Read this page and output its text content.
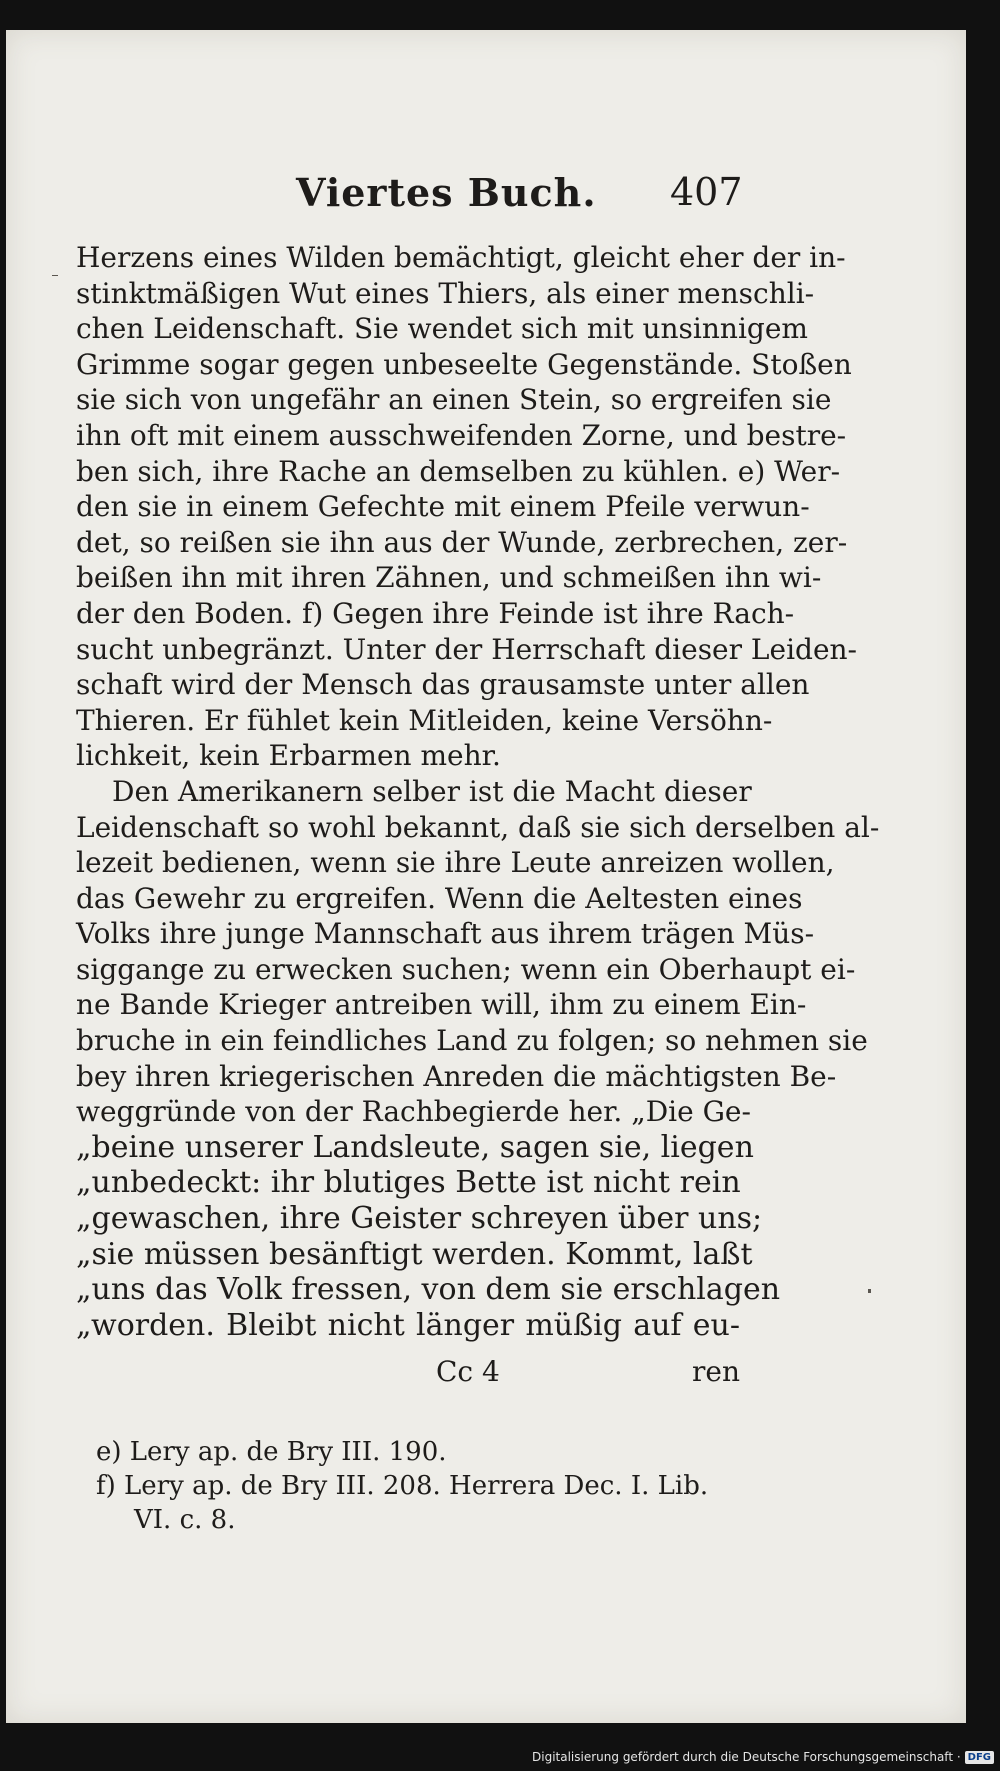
Viertes Buch. 407
Herzens eines Wilden bemächtigt, gleicht eher der in-
stinktmäßigen Wut eines Thiers, als einer menschli-
chen Leidenschaft. Sie wendet sich mit unsinnigem
Grimme sogar gegen unbeseelte Gegenstände. Stoßen
sie sich von ungefähr an einen Stein, so ergreifen sie
ihn oft mit einem ausschweifenden Zorne, und bestre-
ben sich, ihre Rache an demselben zu kühlen. e) Wer-
den sie in einem Gefechte mit einem Pfeile verwun-
det, so reißen sie ihn aus der Wunde, zerbrechen, zer-
beißen ihn mit ihren Zähnen, und schmeißen ihn wi-
der den Boden. f) Gegen ihre Feinde ist ihre Rach-
sucht unbegränzt. Unter der Herrschaft dieser Leiden-
schaft wird der Mensch das grausamste unter allen
Thieren. Er fühlet kein Mitleiden, keine Versöhn-
lichkeit, kein Erbarmen mehr.
Den Amerikanern selber ist die Macht dieser
Leidenschaft so wohl bekannt, daß sie sich derselben al-
lezeit bedienen, wenn sie ihre Leute anreizen wollen,
das Gewehr zu ergreifen. Wenn die Aeltesten eines
Volks ihre junge Mannschaft aus ihrem trägen Müs-
siggange zu erwecken suchen; wenn ein Oberhaupt ei-
ne Bande Krieger antreiben will, ihm zu einem Ein-
bruche in ein feindliches Land zu folgen; so nehmen sie
bey ihren kriegerischen Anreden die mächtigsten Be-
weggründe von der Rachbegierde her. „Die Ge-
„beine unserer Landsleute, sagen sie, liegen
„unbedeckt: ihr blutiges Bette ist nicht rein
„gewaschen, ihre Geister schreyen über uns;
„sie müssen besänftigt werden. Kommt, laßt
„uns das Volk fressen, von dem sie erschlagen
„worden. Bleibt nicht länger müßig auf eu-
Cc 4	ren
e) Lery ap. de Bry III. 190.
f) Lery ap. de Bry III. 208. Herrera Dec. I. Lib.
VI. c. 8.
Digitalisierung gefördert durch die Deutsche Forschungsgemeinschaft · DFG
